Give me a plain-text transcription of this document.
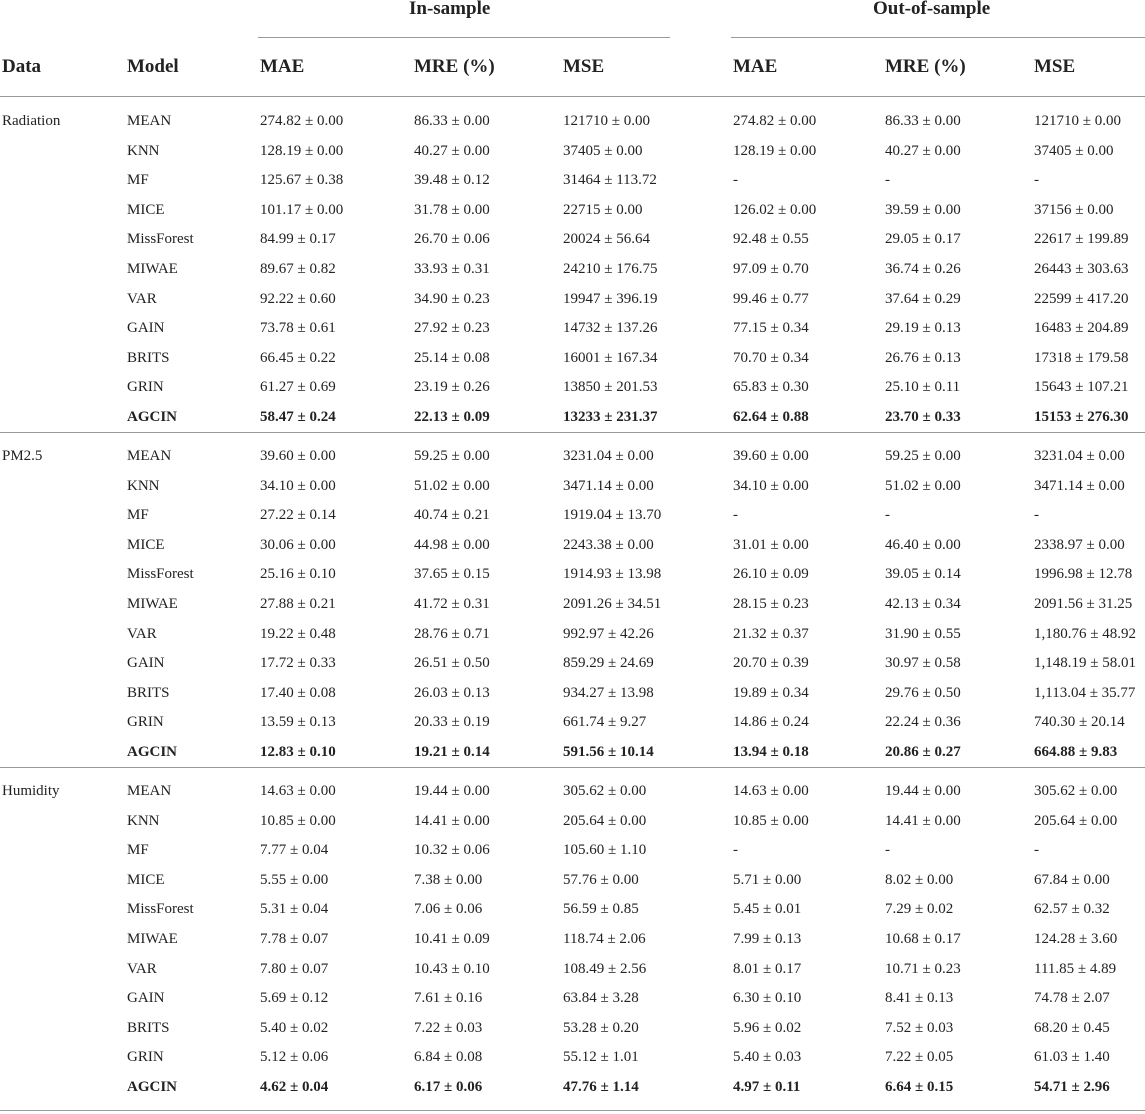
In-sample	Out-of-sample
Data	Model	MAE	MRE (%)	MSE	MAE	MRE (%)	MSE
Radiation	MEAN	274.82 ± 0.00	86.33 ± 0.00	121710 ± 0.00	274.82 ± 0.00	86.33 ± 0.00	121710 ± 0.00
KNN	128.19 ± 0.00	40.27 ± 0.00	37405 ± 0.00	128.19 ± 0.00	40.27 ± 0.00	37405 ± 0.00
MF	125.67 ± 0.38	39.48 ± 0.12	31464 ± 113.72	-	-	-
MICE	101.17 ± 0.00	31.78 ± 0.00	22715 ± 0.00	126.02 ± 0.00	39.59 ± 0.00	37156 ± 0.00
MissForest	84.99 ± 0.17	26.70 ± 0.06	20024 ± 56.64	92.48 ± 0.55	29.05 ± 0.17	22617 ± 199.89
MIWAE	89.67 ± 0.82	33.93 ± 0.31	24210 ± 176.75	97.09 ± 0.70	36.74 ± 0.26	26443 ± 303.63
VAR	92.22 ± 0.60	34.90 ± 0.23	19947 ± 396.19	99.46 ± 0.77	37.64 ± 0.29	22599 ± 417.20
GAIN	73.78 ± 0.61	27.92 ± 0.23	14732 ± 137.26	77.15 ± 0.34	29.19 ± 0.13	16483 ± 204.89
BRITS	66.45 ± 0.22	25.14 ± 0.08	16001 ± 167.34	70.70 ± 0.34	26.76 ± 0.13	17318 ± 179.58
GRIN	61.27 ± 0.69	23.19 ± 0.26	13850 ± 201.53	65.83 ± 0.30	25.10 ± 0.11	15643 ± 107.21
AGCIN	58.47 ± 0.24	22.13 ± 0.09	13233 ± 231.37	62.64 ± 0.88	23.70 ± 0.33	15153 ± 276.30
PM2.5	MEAN	39.60 ± 0.00	59.25 ± 0.00	3231.04 ± 0.00	39.60 ± 0.00	59.25 ± 0.00	3231.04 ± 0.00
KNN	34.10 ± 0.00	51.02 ± 0.00	3471.14 ± 0.00	34.10 ± 0.00	51.02 ± 0.00	3471.14 ± 0.00
MF	27.22 ± 0.14	40.74 ± 0.21	1919.04 ± 13.70	-	-	-
MICE	30.06 ± 0.00	44.98 ± 0.00	2243.38 ± 0.00	31.01 ± 0.00	46.40 ± 0.00	2338.97 ± 0.00
MissForest	25.16 ± 0.10	37.65 ± 0.15	1914.93 ± 13.98	26.10 ± 0.09	39.05 ± 0.14	1996.98 ± 12.78
MIWAE	27.88 ± 0.21	41.72 ± 0.31	2091.26 ± 34.51	28.15 ± 0.23	42.13 ± 0.34	2091.56 ± 31.25
VAR	19.22 ± 0.48	28.76 ± 0.71	992.97 ± 42.26	21.32 ± 0.37	31.90 ± 0.55	1,180.76 ± 48.92
GAIN	17.72 ± 0.33	26.51 ± 0.50	859.29 ± 24.69	20.70 ± 0.39	30.97 ± 0.58	1,148.19 ± 58.01
BRITS	17.40 ± 0.08	26.03 ± 0.13	934.27 ± 13.98	19.89 ± 0.34	29.76 ± 0.50	1,113.04 ± 35.77
GRIN	13.59 ± 0.13	20.33 ± 0.19	661.74 ± 9.27	14.86 ± 0.24	22.24 ± 0.36	740.30 ± 20.14
AGCIN	12.83 ± 0.10	19.21 ± 0.14	591.56 ± 10.14	13.94 ± 0.18	20.86 ± 0.27	664.88 ± 9.83
Humidity	MEAN	14.63 ± 0.00	19.44 ± 0.00	305.62 ± 0.00	14.63 ± 0.00	19.44 ± 0.00	305.62 ± 0.00
KNN	10.85 ± 0.00	14.41 ± 0.00	205.64 ± 0.00	10.85 ± 0.00	14.41 ± 0.00	205.64 ± 0.00
MF	7.77 ± 0.04	10.32 ± 0.06	105.60 ± 1.10	-	-	-
MICE	5.55 ± 0.00	7.38 ± 0.00	57.76 ± 0.00	5.71 ± 0.00	8.02 ± 0.00	67.84 ± 0.00
MissForest	5.31 ± 0.04	7.06 ± 0.06	56.59 ± 0.85	5.45 ± 0.01	7.29 ± 0.02	62.57 ± 0.32
MIWAE	7.78 ± 0.07	10.41 ± 0.09	118.74 ± 2.06	7.99 ± 0.13	10.68 ± 0.17	124.28 ± 3.60
VAR	7.80 ± 0.07	10.43 ± 0.10	108.49 ± 2.56	8.01 ± 0.17	10.71 ± 0.23	111.85 ± 4.89
GAIN	5.69 ± 0.12	7.61 ± 0.16	63.84 ± 3.28	6.30 ± 0.10	8.41 ± 0.13	74.78 ± 2.07
BRITS	5.40 ± 0.02	7.22 ± 0.03	53.28 ± 0.20	5.96 ± 0.02	7.52 ± 0.03	68.20 ± 0.45
GRIN	5.12 ± 0.06	6.84 ± 0.08	55.12 ± 1.01	5.40 ± 0.03	7.22 ± 0.05	61.03 ± 1.40
AGCIN	4.62 ± 0.04	6.17 ± 0.06	47.76 ± 1.14	4.97 ± 0.11	6.64 ± 0.15	54.71 ± 2.96
